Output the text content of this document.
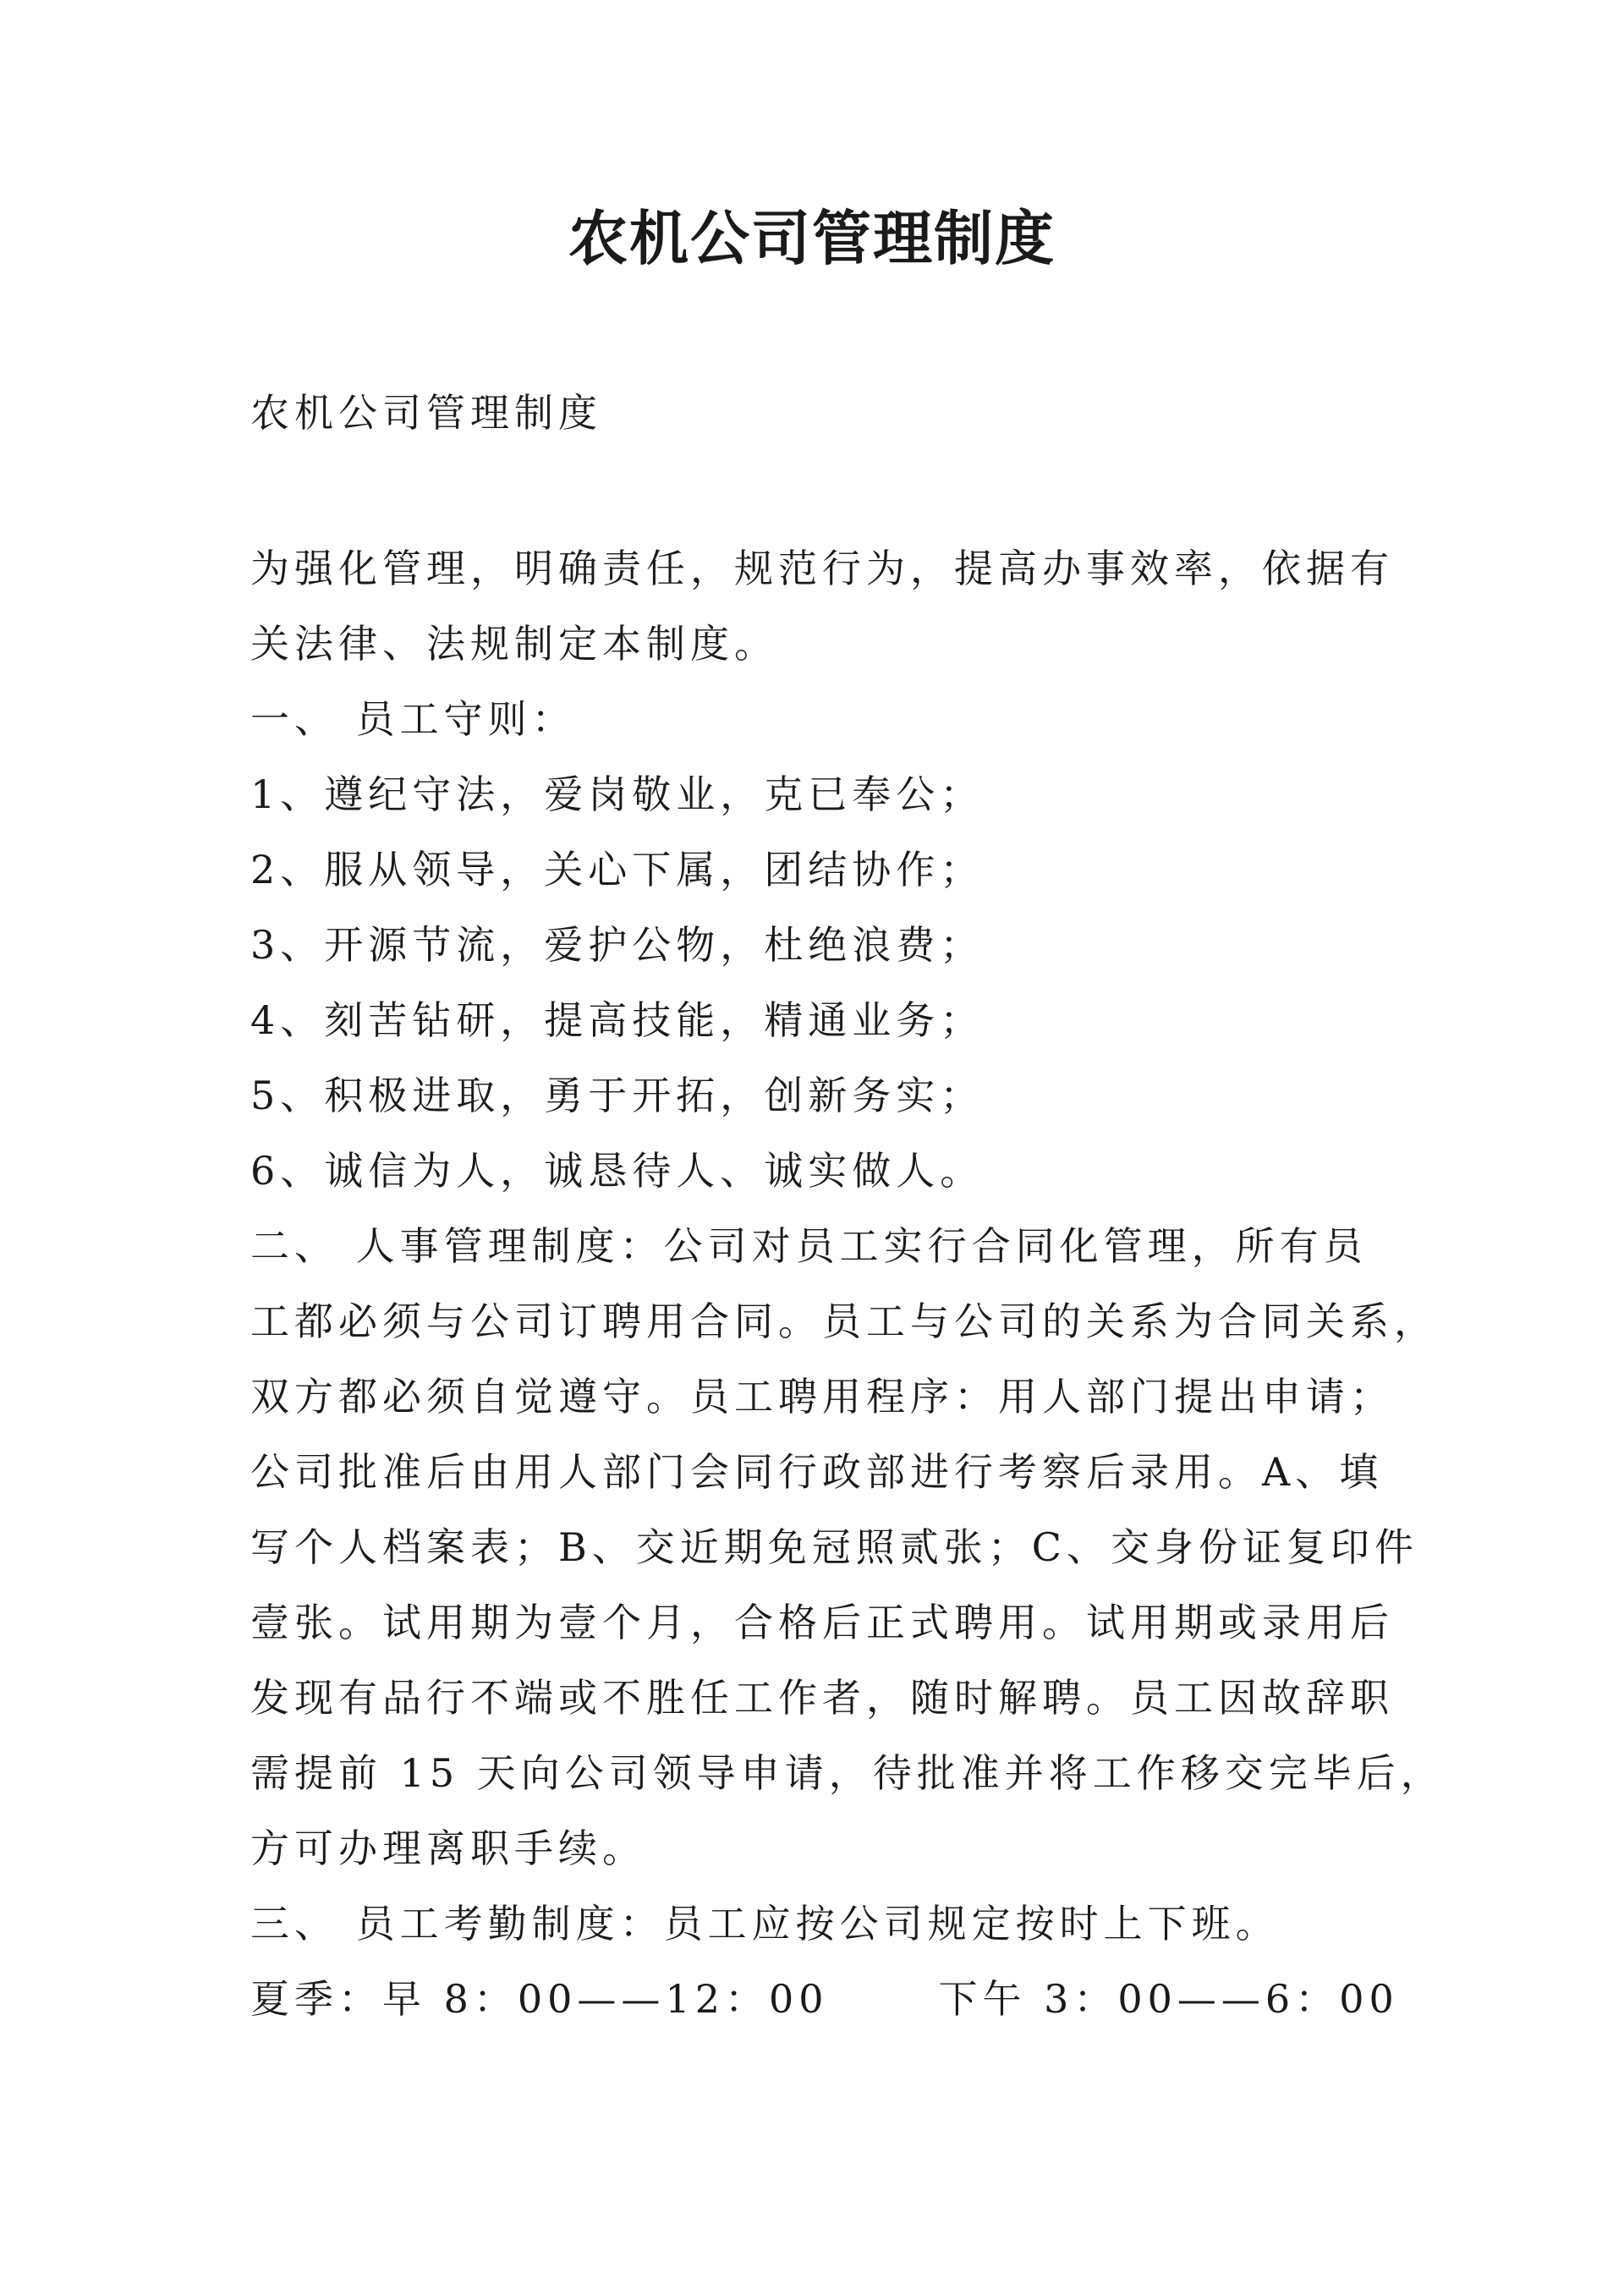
农机公司管理制度
农机公司管理制度
为强化管理，明确责任，规范行为，提高办事效率，依据有
关法律、法规制定本制度。
一、 员工守则：
1、遵纪守法，爱岗敬业，克已奉公；
2、服从领导，关心下属，团结协作；
3、开源节流，爱护公物，杜绝浪费；
4、刻苦钻研，提高技能，精通业务；
5、积极进取，勇于开拓，创新务实；
6、诚信为人，诚恳待人、诚实做人。
二、 人事管理制度：公司对员工实行合同化管理，所有员
工都必须与公司订聘用合同。员工与公司的关系为合同关系，
双方都必须自觉遵守。员工聘用程序：用人部门提出申请；
公司批准后由用人部门会同行政部进行考察后录用。A、填
写个人档案表；B、交近期免冠照贰张；C、交身份证复印件
壹张。试用期为壹个月，合格后正式聘用。试用期或录用后
发现有品行不端或不胜任工作者，随时解聘。员工因故辞职
需提前 15 天向公司领导申请，待批准并将工作移交完毕后，
方可办理离职手续。
三、 员工考勤制度：员工应按公司规定按时上下班。
夏季：早 8：00——12：00	下午 3：00——6：00
